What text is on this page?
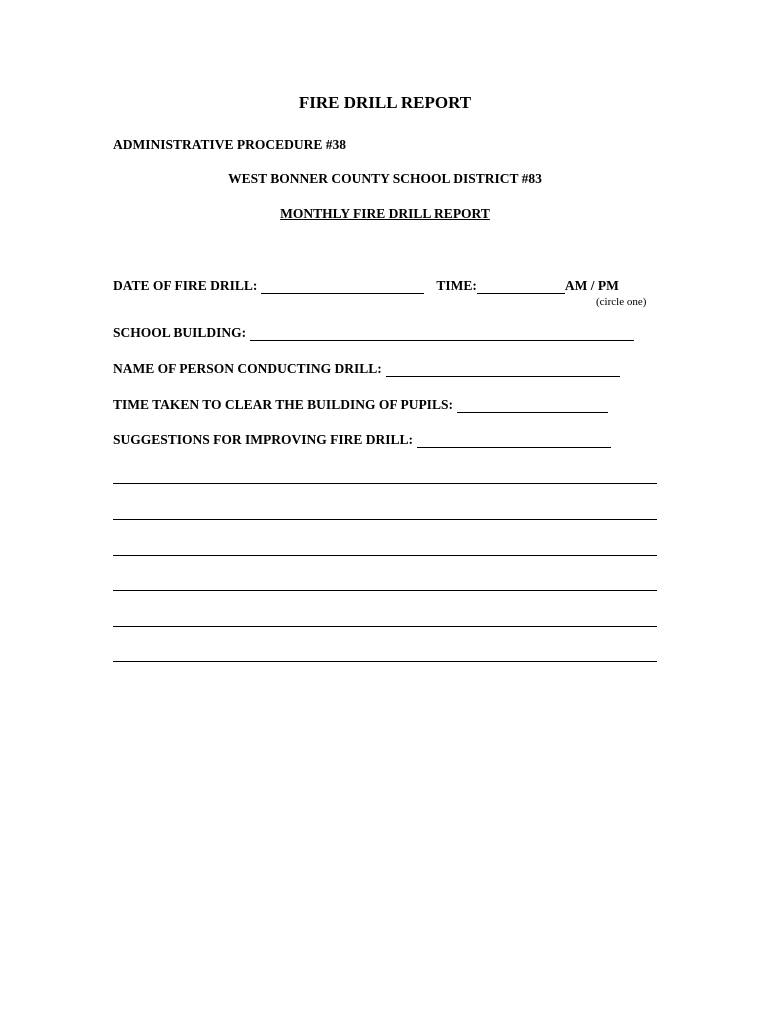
FIRE DRILL REPORT
ADMINISTRATIVE PROCEDURE #38
WEST BONNER COUNTY SCHOOL DISTRICT #83
MONTHLY FIRE DRILL REPORT
DATE OF FIRE DRILL:	TIME:	AM / PM
(circle one)
SCHOOL BUILDING:
NAME OF PERSON CONDUCTING DRILL:
TIME TAKEN TO CLEAR THE BUILDING OF PUPILS:
SUGGESTIONS FOR IMPROVING FIRE DRILL:
